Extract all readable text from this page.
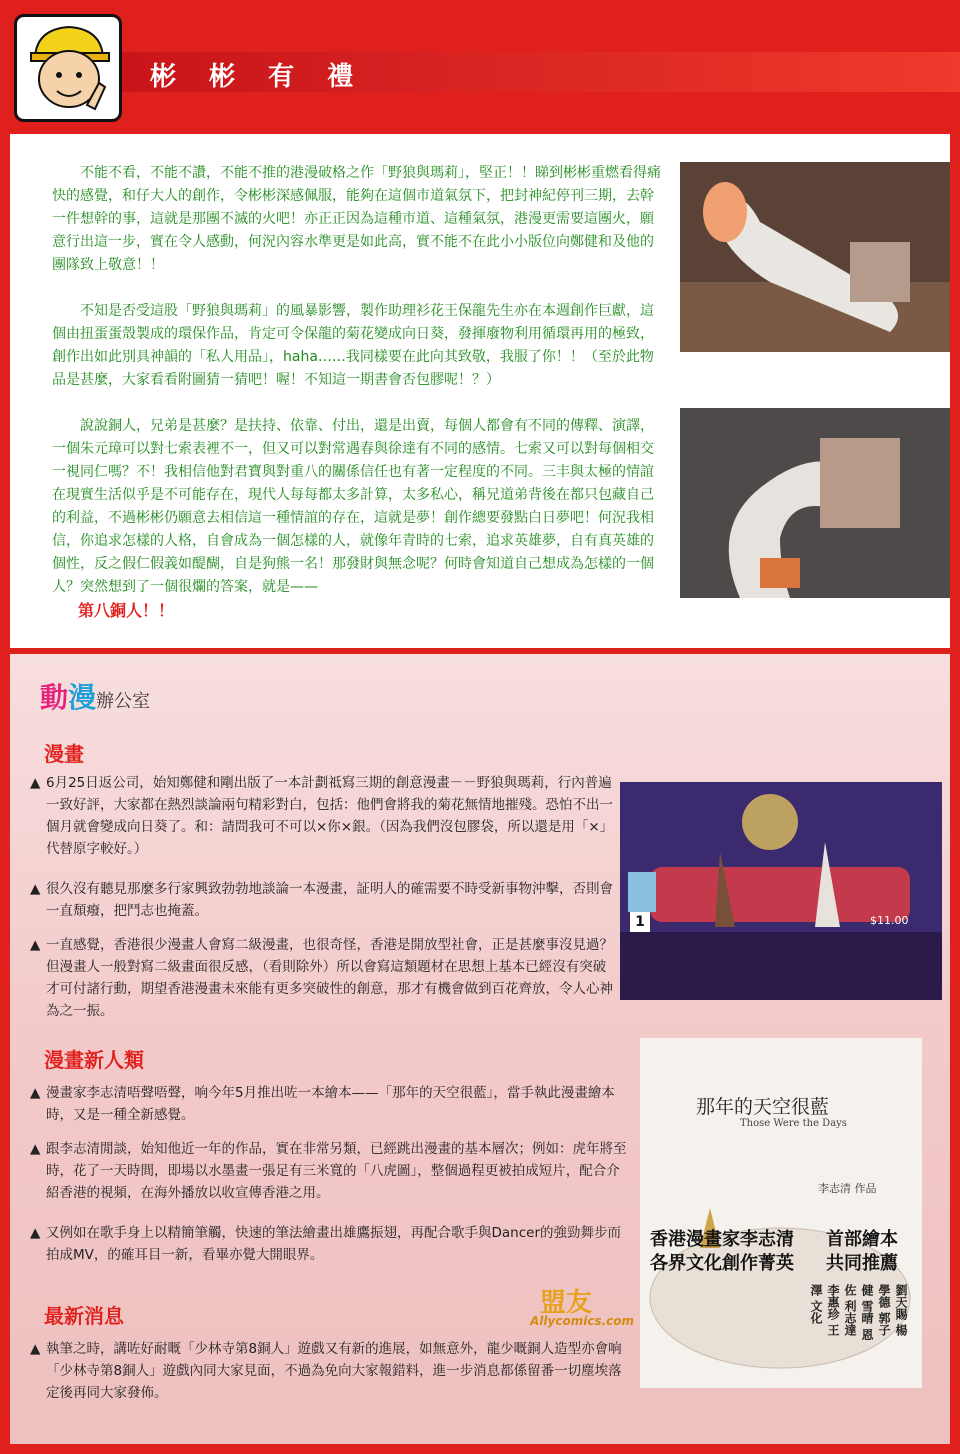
彬 彬 有 禮

不能不看，不能不讚，不能不推的港漫破格之作「野狼與瑪莉」，堅正！！睇到彬彬重燃看得痛快的感覺，和仔大人的創作，令彬彬深感佩服，能夠在這個市道氣氛下，把封神紀停刊三期，去幹一件想幹的事，這就是那團不滅的火吧！亦正正因為這種市道、這種氣氛，港漫更需要這團火，願意行出這一步，實在令人感動，何況內容水準更是如此高，實不能不在此小小版位向鄭健和及他的團隊致上敬意！！

不知是否受這股「野狼與瑪莉」的風暴影響，製作助理衫花王保龍先生亦在本週創作巨獻，這個由扭蛋蛋殼製成的環保作品，肯定可令保龍的菊花變成向日葵，發揮廢物利用循環再用的極致，創作出如此別具神韻的「私人用品」，haha……我同樣要在此向其致敬，我服了你！！（至於此物品是甚麼，大家看看附圖猜一猜吧！喔！不知這一期書會否包膠呢！？）

說說銅人，兄弟是甚麼？是扶持、依靠、付出，還是出賣，每個人都會有不同的傳釋、演譯，一個朱元璋可以對七索表裡不一，但又可以對常遇春與徐達有不同的感情。七索又可以對每個相交一視同仁嗎？不！我相信他對君寶與對重八的關係信任也有著一定程度的不同。三丰與太極的情誼在現實生活似乎是不可能存在，現代人每每都太多計算，太多私心，稱兄道弟背後在都只包藏自己的利益，不過彬彬仍願意去相信這一種情誼的存在，這就是夢！創作總要發點白日夢吧！何況我相信，你追求怎樣的人格，自會成為一個怎樣的人，就像年青時的七索，追求英雄夢，自有真英雄的個性，反之假仁假義如醍醐，自是狗熊一名！那發財與無念呢？何時會知道自己想成為怎樣的一個人？突然想到了一個很爛的答案，就是——

第八銅人！！
動漫辦公室
漫畫
▲ 6月25日返公司，始知鄭健和剛出版了一本計劃祗寫三期的創意漫畫－－野狼與瑪莉，行內普遍一致好評，大家都在熱烈談論兩句精彩對白，包括：他們會將我的菊花無情地摧殘。恐怕不出一個月就會變成向日葵了。和：請問我可不可以×你×銀。（因為我們沒包膠袋，所以還是用「×」代替原字較好。）
▲ 很久沒有聽見那麼多行家興致勃勃地談論一本漫畫，証明人的確需要不時受新事物沖擊，否則會一直頹癈，把鬥志也掩蓋。
▲ 一直感覺，香港很少漫畫人會寫二級漫畫，也很奇怪，香港是開放型社會，正是甚麼事沒見過？但漫畫人一般對寫二級畫面很反感，（看則除外）所以會寫這類題材在思想上基本已經沒有突破才可付諸行動，期望香港漫畫未來能有更多突破性的創意，那才有機會做到百花齊放，令人心神為之一振。
漫畫新人類
▲ 漫畫家李志清唔聲唔聲，响今年5月推出咗一本繪本——「那年的天空很藍」，當手執此漫畫繪本時，又是一種全新感覺。
▲ 跟李志清閒談，始知他近一年的作品，實在非常另類，已經跳出漫畫的基本層次；例如：虎年將至時，花了一天時間，即場以水墨畫一張足有三米寬的「八虎圖」，整個過程更被拍成短片，配合介紹香港的視頻，在海外播放以收宣傳香港之用。
▲ 又例如在歌手身上以精簡筆觸，快速的筆法繪畫出雄鷹振翅，再配合歌手與Dancer的強勁舞步而拍成MV，的確耳目一新，看畢亦覺大開眼界。
最新消息
▲ 執筆之時，講咗好耐嘅「少林寺第8銅人」遊戲又有新的進展，如無意外，龍少嘅銅人造型亦會响「少林寺第8銅人」遊戲內同大家見面，不過為免向大家報錯料，進一步消息都係留番一切塵埃落定後再同大家發佈。
1	$11.00
那年的天空很藍
Those Were the Days
李志清 作品
香港漫畫家李志清
各界文化創作菁英
首部繪本
共同推薦
劉天賜 楊學德 郭子健 雪晴 恩佐 利志達 李惠珍 王澤 文化
盟友
Allycomics.com
